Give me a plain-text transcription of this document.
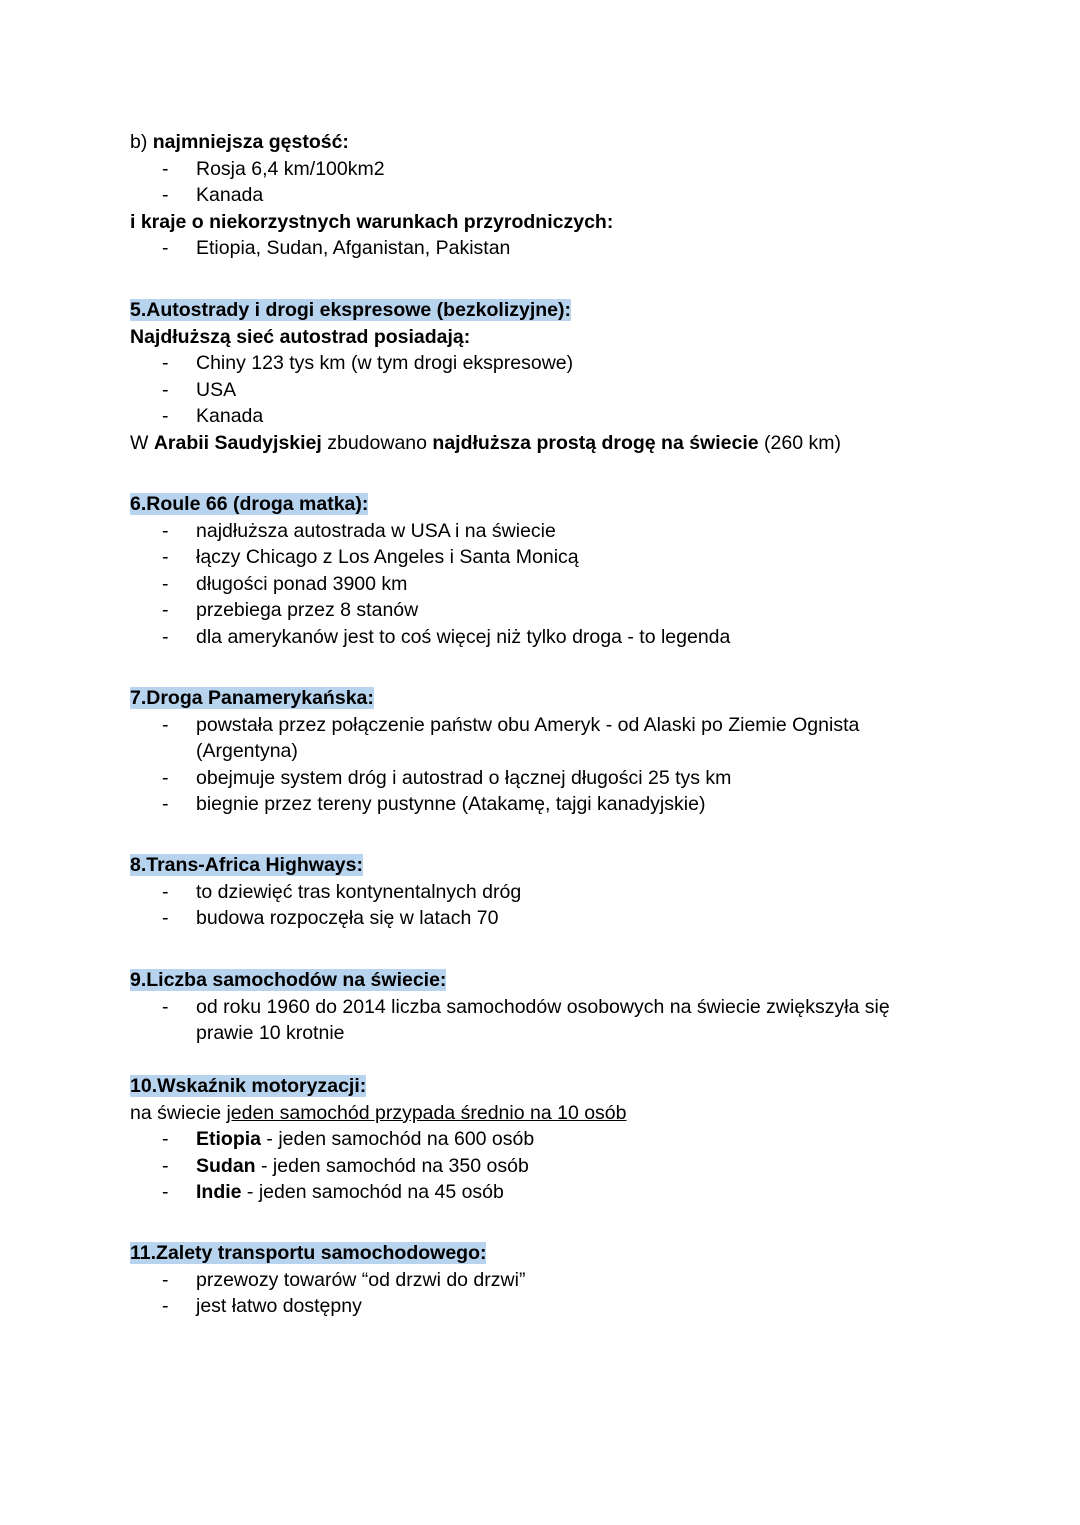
b) najmniejsza gęstość:
- Rosja 6,4 km/100km2
- Kanada
i kraje o niekorzystnych warunkach przyrodniczych:
- Etiopia, Sudan, Afganistan, Pakistan
5.Autostrady i drogi ekspresowe (bezkolizyjne):
Najdłuższą sieć autostrad posiadają:
- Chiny 123 tys km (w tym drogi ekspresowe)
- USA
- Kanada
W Arabii Saudyjskiej zbudowano najdłuższa prostą drogę na świecie (260 km)
6.Roule 66 (droga matka):
- najdłuższa autostrada w USA i na świecie
- łączy Chicago z Los Angeles i Santa Monicą
- długości ponad 3900 km
- przebiega przez 8 stanów
- dla amerykanów jest to coś więcej niż tylko droga - to legenda
7.Droga Panamerykańska:
- powstała przez połączenie państw obu Ameryk - od Alaski po Ziemie Ognista
(Argentyna)
- obejmuje system dróg i autostrad o łącznej długości 25 tys km
- biegnie przez tereny pustynne (Atakamę, tajgi kanadyjskie)
8.Trans-Africa Highways:
- to dziewięć tras kontynentalnych dróg
- budowa rozpoczęła się w latach 70
9.Liczba samochodów na świecie:
- od roku 1960 do 2014 liczba samochodów osobowych na świecie zwiększyła się
prawie 10 krotnie
10.Wskaźnik motoryzacji:
na świecie jeden samochód przypada średnio na 10 osób
- Etiopia - jeden samochód na 600 osób
- Sudan - jeden samochód na 350 osób
- Indie - jeden samochód na 45 osób
11.Zalety transportu samochodowego:
- przewozy towarów “od drzwi do drzwi”
- jest łatwo dostępny
